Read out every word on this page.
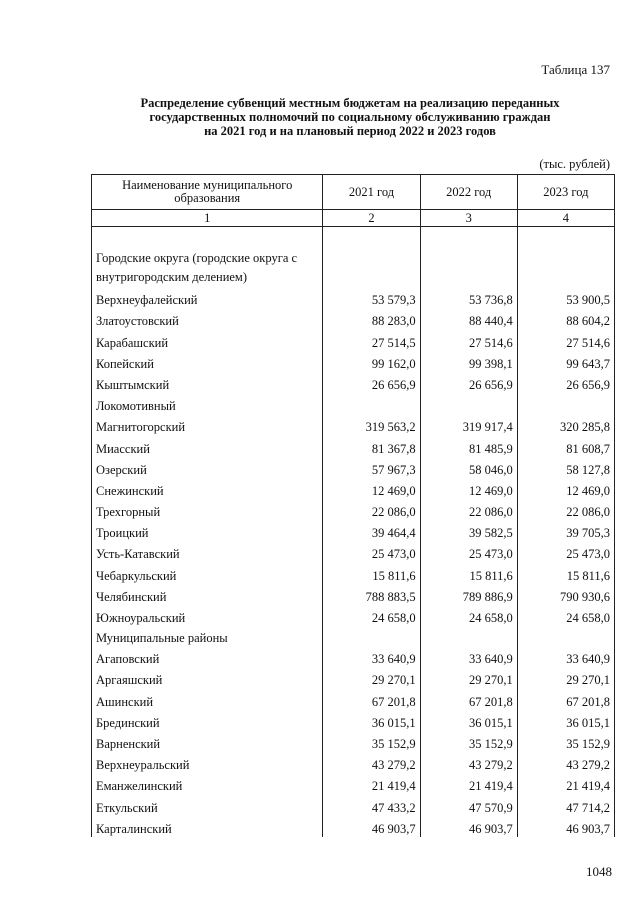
Таблица 137
Распределение субвенций местным бюджетам на реализацию переданных
государственных полномочий по социальному обслуживанию граждан
на 2021 год и на плановый период 2022 и 2023 годов
(тыс. рублей)
Наименование муниципального образования	2021 год	2022 год	2023 год
1	2	3	4
Городские округа (городские округа с внутригородским делением)			
Верхнеуфалейский	53 579,3	53 736,8	53 900,5
Златоустовский	88 283,0	88 440,4	88 604,2
Карабашский	27 514,5	27 514,6	27 514,6
Копейский	99 162,0	99 398,1	99 643,7
Кыштымский	26 656,9	26 656,9	26 656,9
Локомотивный			
Магнитогорский	319 563,2	319 917,4	320 285,8
Миасский	81 367,8	81 485,9	81 608,7
Озерский	57 967,3	58 046,0	58 127,8
Снежинский	12 469,0	12 469,0	12 469,0
Трехгорный	22 086,0	22 086,0	22 086,0
Троицкий	39 464,4	39 582,5	39 705,3
Усть-Катавский	25 473,0	25 473,0	25 473,0
Чебаркульский	15 811,6	15 811,6	15 811,6
Челябинский	788 883,5	789 886,9	790 930,6
Южноуральский	24 658,0	24 658,0	24 658,0
Муниципальные районы			
Агаповский	33 640,9	33 640,9	33 640,9
Аргаяшский	29 270,1	29 270,1	29 270,1
Ашинский	67 201,8	67 201,8	67 201,8
Брединский	36 015,1	36 015,1	36 015,1
Варненский	35 152,9	35 152,9	35 152,9
Верхнеуральский	43 279,2	43 279,2	43 279,2
Еманжелинский	21 419,4	21 419,4	21 419,4
Еткульский	47 433,2	47 570,9	47 714,2
Карталинский	46 903,7	46 903,7	46 903,7
1048
